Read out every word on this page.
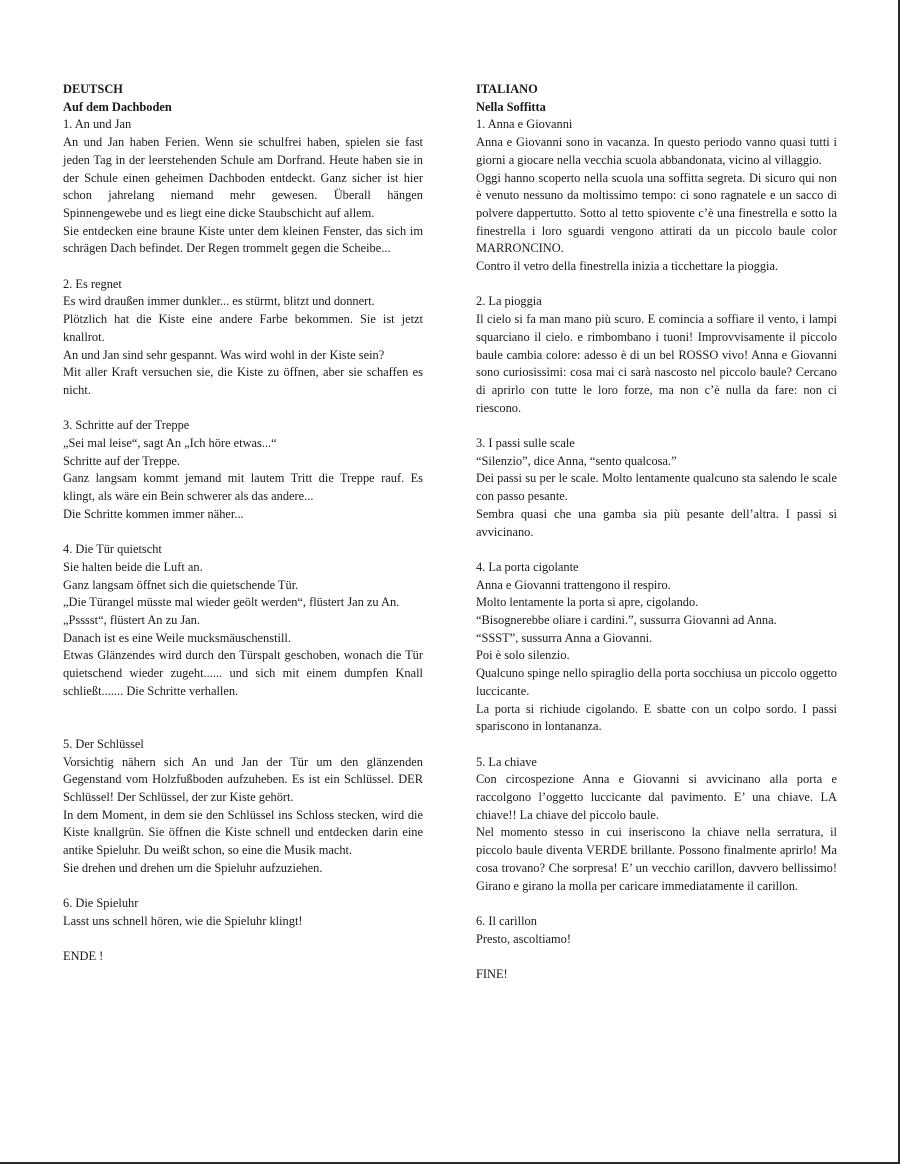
DEUTSCH

Auf dem Dachboden

1. An und Jan

An und Jan haben Ferien. Wenn sie schulfrei haben, spielen sie fast jeden Tag in der leerstehenden Schule am Dorfrand. Heute haben sie in der Schule einen geheimen Dachboden entdeckt. Ganz sicher ist hier schon jahrelang niemand mehr gewesen. Überall hängen Spinnengewebe und es liegt eine dicke Staubschicht auf allem.
Sie entdecken eine braune Kiste unter dem kleinen Fenster, das sich im schrägen Dach befindet. Der Regen trommelt gegen die Scheibe...

2. Es regnet

Es wird draußen immer dunkler... es stürmt, blitzt und donnert.
Plötzlich hat die Kiste eine andere Farbe bekommen. Sie ist jetzt knallrot.
An und Jan sind sehr gespannt. Was wird wohl in der Kiste sein?
Mit aller Kraft versuchen sie, die Kiste zu öffnen, aber sie schaffen es nicht.

3. Schritte auf der Treppe

„Sei mal leise“, sagt An „Ich höre etwas...“
Schritte auf der Treppe.
Ganz langsam kommt jemand mit lautem Tritt die Treppe rauf. Es klingt, als wäre ein Bein schwerer als das andere...
Die Schritte kommen immer näher...

4. Die Tür quietscht

Sie halten beide die Luft an.
Ganz langsam öffnet sich die quietschende Tür.
„Die Türangel müsste mal wieder geölt werden“, flüstert Jan zu An.
„Psssst“, flüstert An zu Jan.
Danach ist es eine Weile mucksmäuschenstill.
Etwas Glänzendes wird durch den Türspalt geschoben, wonach die Tür quietschend wieder zugeht...... und sich mit einem dumpfen Knall schließt....... Die Schritte verhallen.

5. Der Schlüssel

Vorsichtig nähern sich An und Jan der Tür um den glänzenden Gegenstand vom Holzfußboden aufzuheben. Es ist ein Schlüssel. DER Schlüssel! Der Schlüssel, der zur Kiste gehört.
In dem Moment, in dem sie den Schlüssel ins Schloss stecken, wird die Kiste knallgrün. Sie öffnen die Kiste schnell und entdecken darin eine antike Spieluhr. Du weißt schon, so eine die Musik macht.
Sie drehen und drehen um die Spieluhr aufzuziehen.

6. Die Spieluhr

Lasst uns schnell hören, wie die Spieluhr klingt!

ENDE !

ITALIANO

Nella Soffitta

1. Anna e Giovanni

Anna e Giovanni sono in vacanza. In questo periodo vanno quasi tutti i giorni a giocare nella vecchia scuola abbandonata, vicino al villaggio.
Oggi hanno scoperto nella scuola una soffitta segreta. Di sicuro qui non è venuto nessuno da moltissimo tempo: ci sono ragnatele e un sacco di polvere dappertutto. Sotto al tetto spiovente c’è una finestrella e sotto la finestrella i loro sguardi vengono attirati da un piccolo baule color MARRONCINO.
Contro il vetro della finestrella inizia a ticchettare la pioggia.

2. La pioggia

Il cielo si fa man mano più scuro. E comincia a soffiare il vento, i lampi squarciano il cielo. e rimbombano i tuoni! Improvvisamente il piccolo baule cambia colore: adesso è di un bel ROSSO vivo! Anna e Giovanni sono curiosissimi: cosa mai ci sarà nascosto nel piccolo baule? Cercano di aprirlo con tutte le loro forze, ma non c’è nulla da fare: non ci riescono.

3. I passi sulle scale

“Silenzio”, dice Anna, “sento qualcosa.”
Dei passi su per le scale. Molto lentamente qualcuno sta salendo le scale con passo pesante.
Sembra quasi che una gamba sia più pesante dell’altra. I passi si avvicinano.

4. La porta cigolante

Anna e Giovanni trattengono il respiro.
Molto lentamente la porta si apre, cigolando.
“Bisognerebbe oliare i cardini.”, sussurra Giovanni ad Anna.
“SSST”, sussurra Anna a Giovanni.
Poi è solo silenzio.
Qualcuno spinge nello spiraglio della porta socchiusa un piccolo oggetto luccicante.
La porta si richiude cigolando. E sbatte con un colpo sordo. I passi spariscono in lontananza.

5. La chiave

Con circospezione Anna e Giovanni si avvicinano alla porta e raccolgono l’oggetto luccicante dal pavimento. E’ una chiave. LA chiave!! La chiave del piccolo baule.
Nel momento stesso in cui inseriscono la chiave nella serratura, il piccolo baule diventa VERDE brillante. Possono finalmente aprirlo! Ma cosa trovano? Che sorpresa! E’ un vecchio carillon, davvero bellissimo! Girano e girano la molla per caricare immediatamente il carillon.

6. Il carillon

Presto, ascoltiamo!

FINE!
